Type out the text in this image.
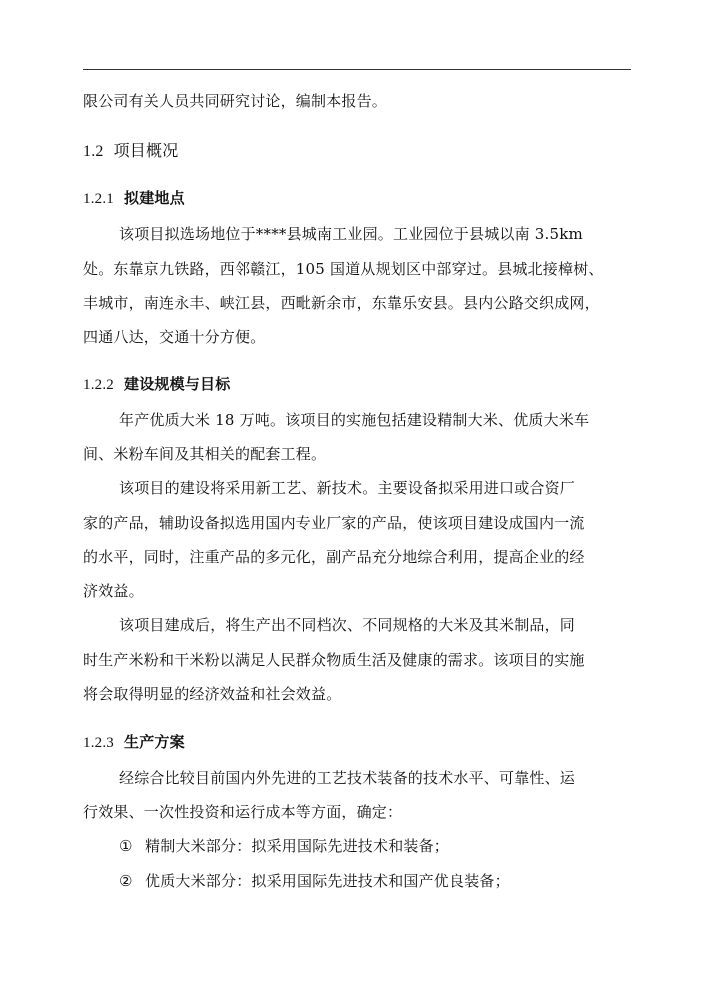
限公司有关人员共同研究讨论，编制本报告。
1.2 项目概况
1.2.1 拟建地点
该项目拟选场地位于****县城南工业园。工业园位于县城以南 3.5km
处。东靠京九铁路，西邻赣江，105 国道从规划区中部穿过。县城北接樟树、
丰城市，南连永丰、峡江县，西毗新余市，东靠乐安县。县内公路交织成网，
四通八达，交通十分方便。
1.2.2 建设规模与目标
年产优质大米 18 万吨。该项目的实施包括建设精制大米、优质大米车
间、米粉车间及其相关的配套工程。
该项目的建设将采用新工艺、新技术。主要设备拟采用进口或合资厂
家的产品，辅助设备拟选用国内专业厂家的产品，使该项目建设成国内一流
的水平，同时，注重产品的多元化，副产品充分地综合利用，提高企业的经
济效益。
该项目建成后，将生产出不同档次、不同规格的大米及其米制品，同
时生产米粉和干米粉以满足人民群众物质生活及健康的需求。该项目的实施
将会取得明显的经济效益和社会效益。
1.2.3 生产方案
经综合比较目前国内外先进的工艺技术装备的技术水平、可靠性、运
行效果、一次性投资和运行成本等方面，确定：
① 精制大米部分：拟采用国际先进技术和装备；
② 优质大米部分：拟采用国际先进技术和国产优良装备；
